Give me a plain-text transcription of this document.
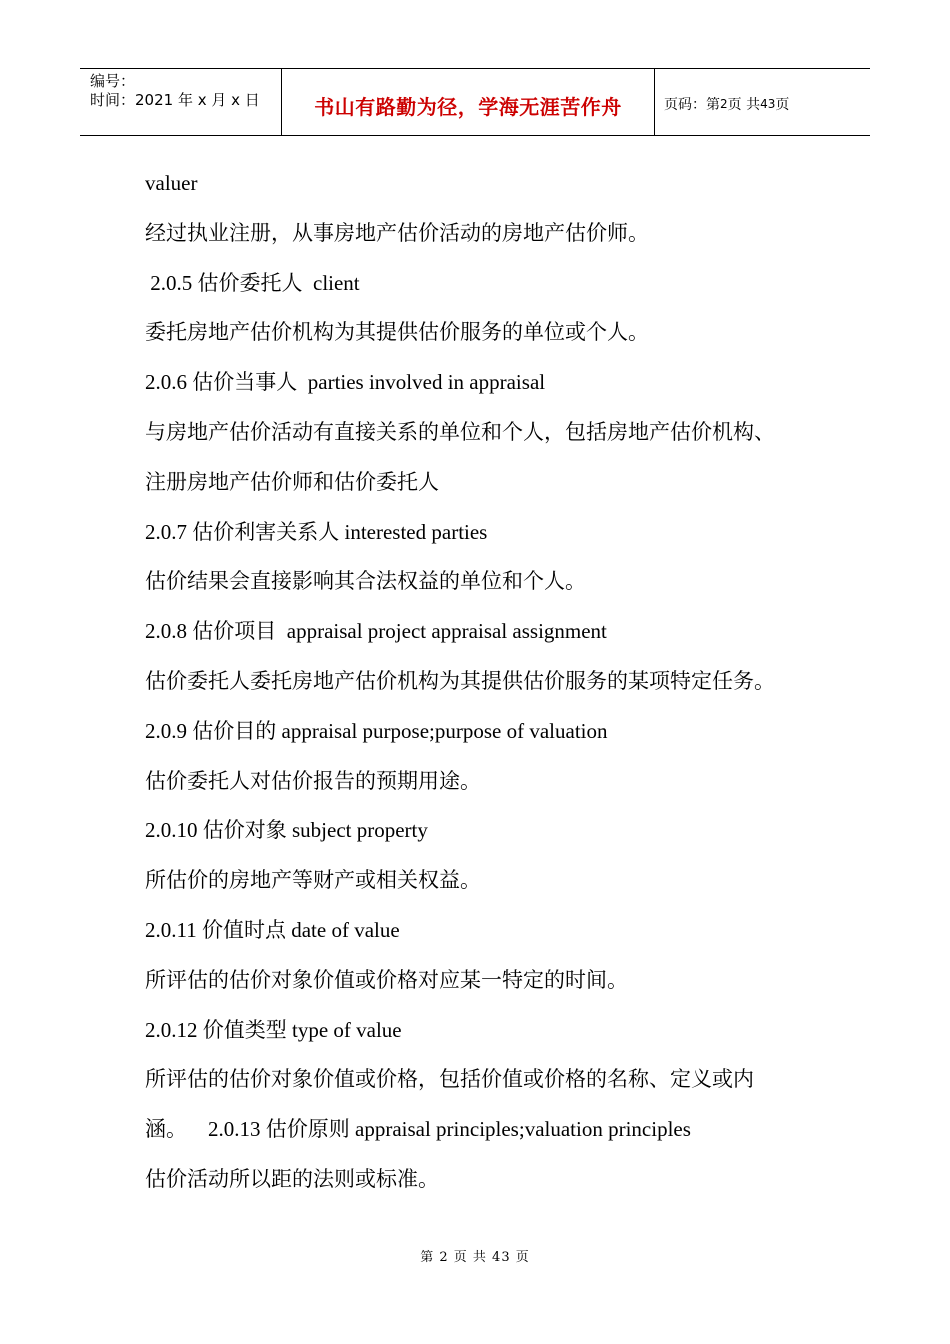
编号：
时间：2021 年 x 月 x 日	书山有路勤为径，学海无涯苦作舟	页码：第 2 页 共 43 页
valuer
经过执业注册，从事房地产估价活动的房地产估价师。
2.0.5 估价委托人  client
委托房地产估价机构为其提供估价服务的单位或个人。
2.0.6 估价当事人  parties involved in appraisal
与房地产估价活动有直接关系的单位和个人，包括房地产估价机构、
注册房地产估价师和估价委托人
2.0.7 估价利害关系人 interested parties
估价结果会直接影响其合法权益的单位和个人。
2.0.8 估价项目  appraisal project appraisal assignment
估价委托人委托房地产估价机构为其提供估价服务的某项特定任务。
2.0.9 估价目的 appraisal purpose;purpose of valuation
估价委托人对估价报告的预期用途。
2.0.10 估价对象 subject property
所估价的房地产等财产或相关权益。
2.0.11 价值时点 date of value
所评估的估价对象价值或价格对应某一特定的时间。
2.0.12 价值类型 type of value
所评估的估价对象价值或价格，包括价值或价格的名称、定义或内
涵。    2.0.13 估价原则 appraisal principles;valuation principles
估价活动所以距的法则或标准。
第 2 页 共 43 页
